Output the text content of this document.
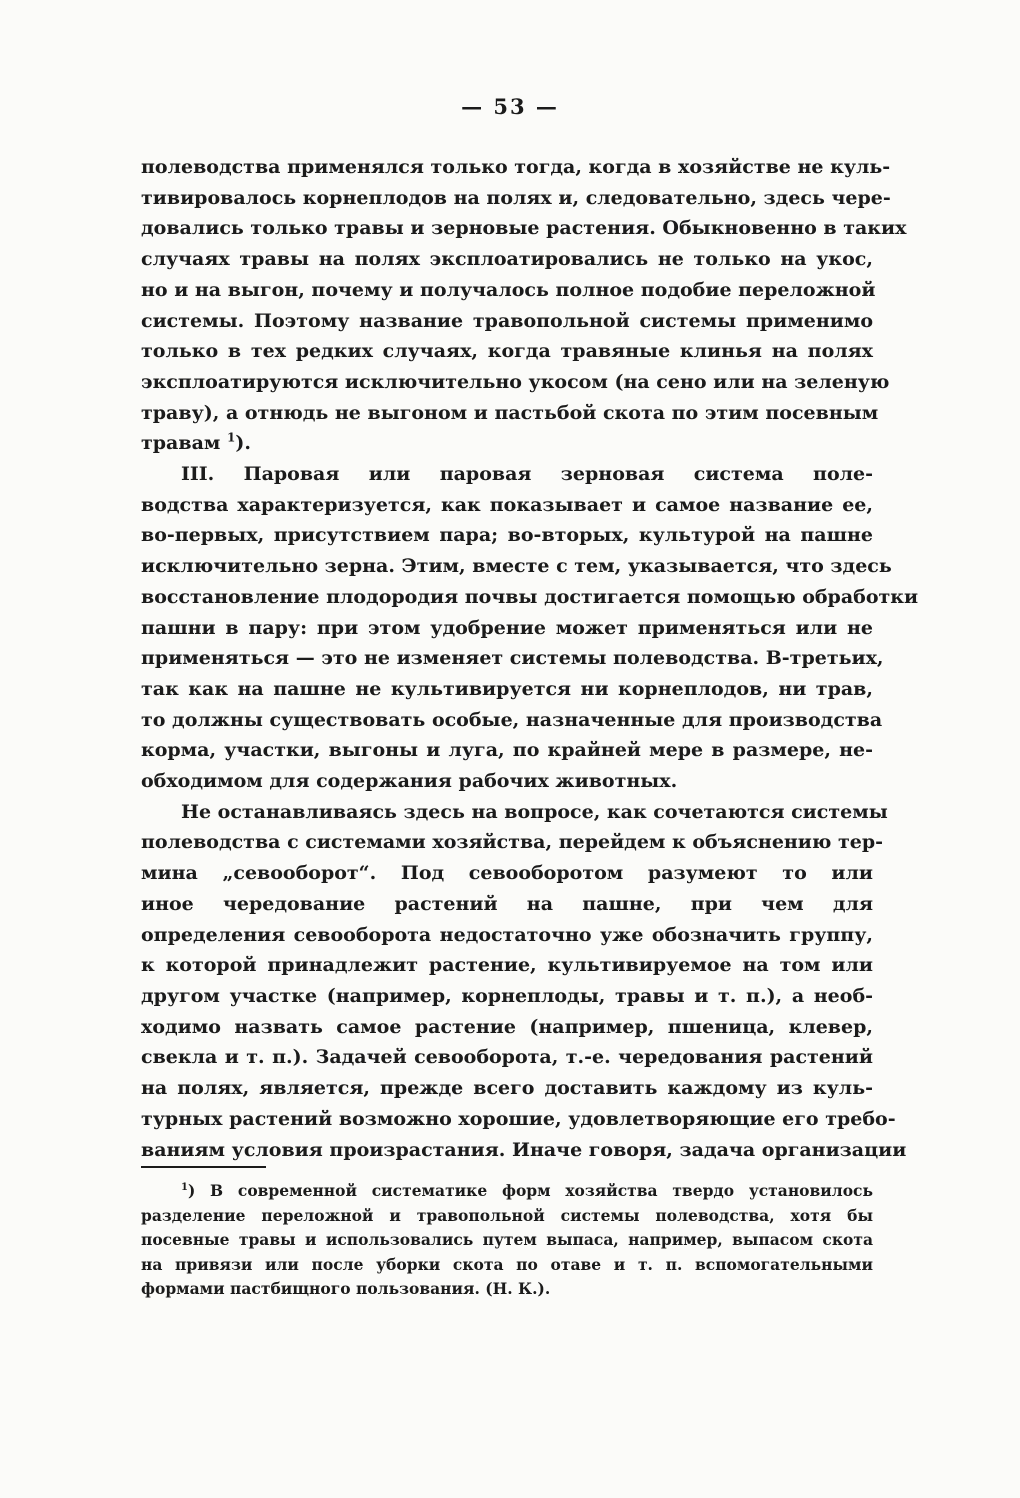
— 53 —
полеводства применялся только тогда, когда в хозяйстве не куль-
тивировалось корнеплодов на полях и, следовательно, здесь чере-
довались только травы и зерновые растения. Обыкновенно в таких
случаях травы на полях эксплоатировались не только на укос,
но и на выгон, почему и получалось полное подобие переложной
системы. Поэтому название травопольной системы применимо
только в тех редких случаях, когда травяные клинья на полях
эксплоатируются исключительно укосом (на сено или на зеленую
траву), а отнюдь не выгоном и пастьбой скота по этим посевным
травам $^1$).
III. Паровая или паровая зерновая система поле-
водства характеризуется, как показывает и самое название ее,
во-первых, присутствием пара; во-вторых, культурой на пашне
исключительно зерна. Этим, вместе с тем, указывается, что здесь
восстановление плодородия почвы достигается помощью обработки
пашни в пару: при этом удобрение может применяться или не
применяться — это не изменяет системы полеводства. В-третьих,
так как на пашне не культивируется ни корнеплодов, ни трав,
то должны существовать особые, назначенные для производства
корма, участки, выгоны и луга, по крайней мере в размере, не-
обходимом для содержания рабочих животных.
Не останавливаясь здесь на вопросе, как сочетаются системы
полеводства с системами хозяйства, перейдем к объяснению тер-
мина „севооборот“. Под севооборотом разумеют то или
иное чередование растений на пашне, при чем для
определения севооборота недостаточно уже обозначить группу,
к которой принадлежит растение, культивируемое на том или
другом участке (например, корнеплоды, травы и т. п.), а необ-
ходимо назвать самое растение (например, пшеница, клевер,
свекла и т. п.). Задачей севооборота, т.-е. чередования растений
на полях, является, прежде всего доставить каждому из куль-
турных растений возможно хорошие, удовлетворяющие его требо-
ваниям условия произрастания. Иначе говоря, задача организации
$^1$) В современной систематике форм хозяйства твердо установилось
разделение переложной и травопольной системы полеводства, хотя бы
посевные травы и использовались путем выпаса, например, выпасом скота
на привязи или после уборки скота по отаве и т. п. вспомогательными
формами пастбищного пользования. (Н. К.).
